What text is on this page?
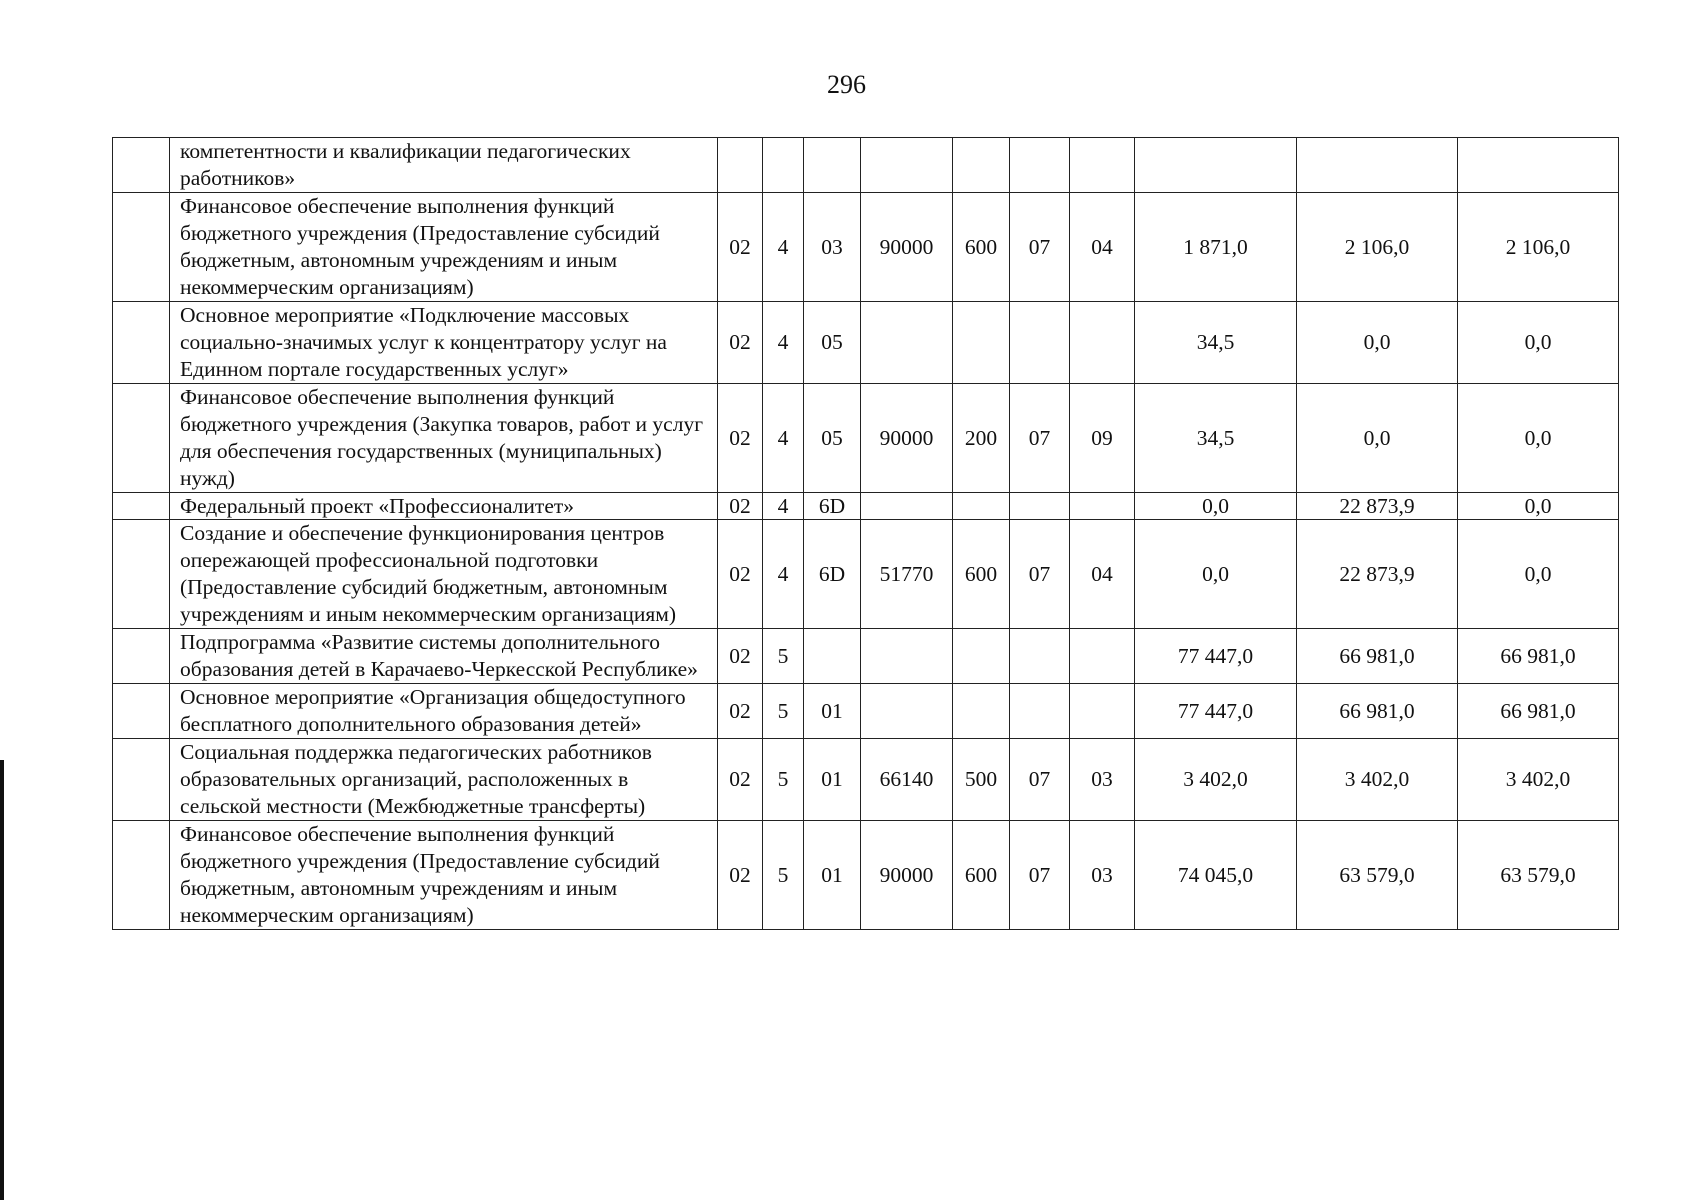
296
	компетентности и квалификации педагогических работников»										
	Финансовое обеспечение выполнения функций бюджетного учреждения (Предоставление субсидий бюджетным, автономным учреждениям и иным некоммерческим организациям)	02	4	03	90000	600	07	04	1 871,0	2 106,0	2 106,0
	Основное мероприятие «Подключение массовых социально-значимых услуг к концентратору услуг на Единном портале государственных услуг»	02	4	05					34,5	0,0	0,0
	Финансовое обеспечение выполнения функций бюджетного учреждения (Закупка товаров, работ и услуг для обеспечения государственных (муниципальных) нужд)	02	4	05	90000	200	07	09	34,5	0,0	0,0
	Федеральный проект «Профессионалитет»	02	4	6D					0,0	22 873,9	0,0
	Создание и обеспечение функционирования центров опережающей профессиональной подготовки (Предоставление субсидий бюджетным, автономным учреждениям и иным некоммерческим организациям)	02	4	6D	51770	600	07	04	0,0	22 873,9	0,0
	Подпрограмма «Развитие системы дополнительного образования детей в Карачаево-Черкесской Республике»	02	5						77 447,0	66 981,0	66 981,0
	Основное мероприятие «Организация общедоступного бесплатного дополнительного образования детей»	02	5	01					77 447,0	66 981,0	66 981,0
	Социальная поддержка педагогических работников образовательных организаций, расположенных в сельской местности (Межбюджетные трансферты)	02	5	01	66140	500	07	03	3 402,0	3 402,0	3 402,0
	Финансовое обеспечение выполнения функций бюджетного учреждения (Предоставление субсидий бюджетным, автономным учреждениям и иным некоммерческим организациям)	02	5	01	90000	600	07	03	74 045,0	63 579,0	63 579,0
